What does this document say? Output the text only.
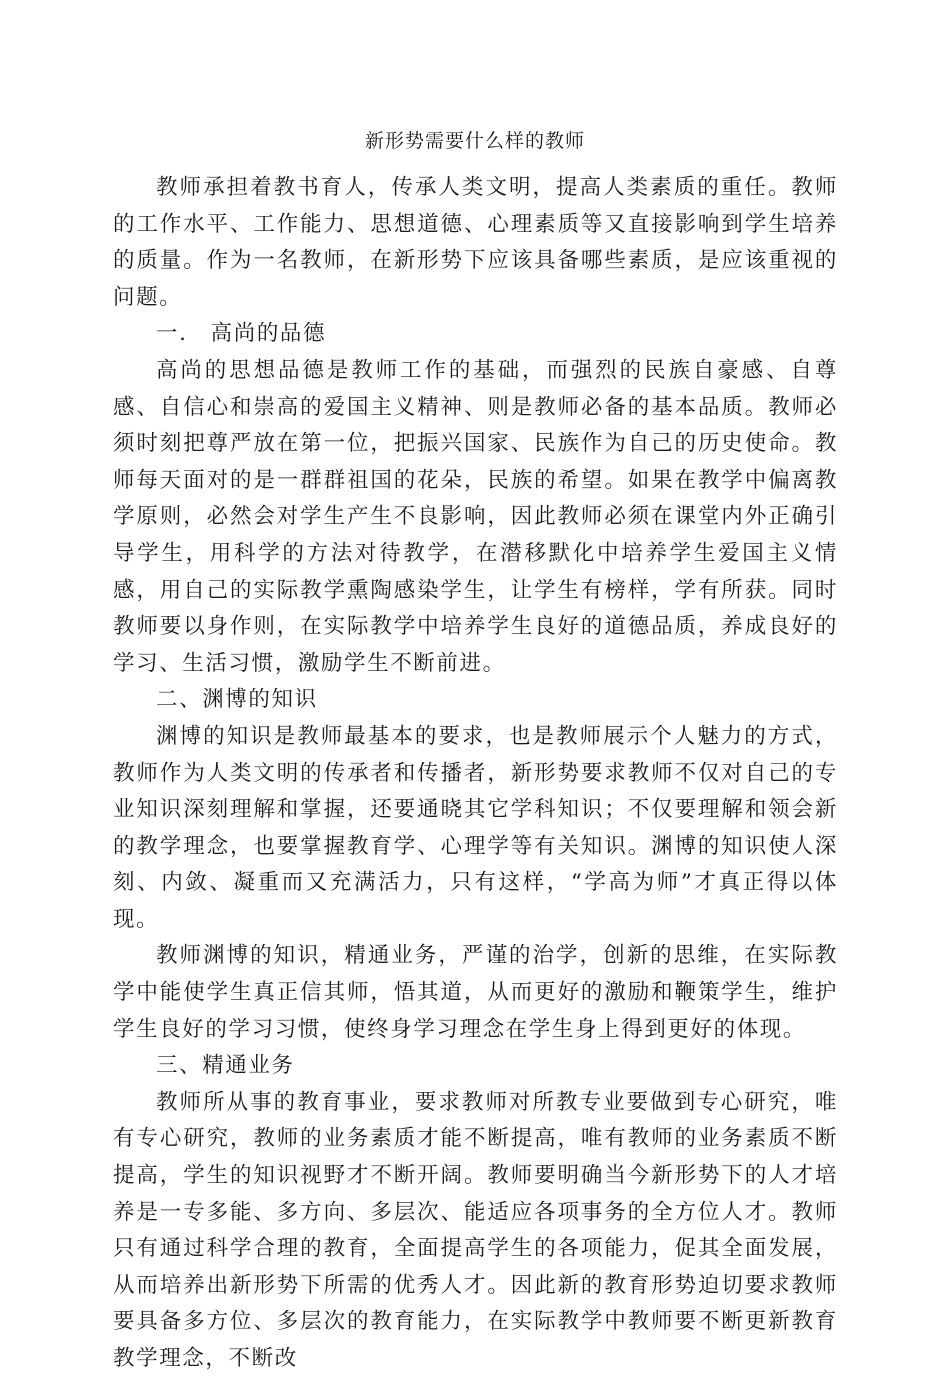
新形势需要什么样的教师

教师承担着教书育人，传承人类文明，提高人类素质的重任。教师的工作水平、工作能力、思想道德、心理素质等又直接影响到学生培养的质量。作为一名教师，在新形势下应该具备哪些素质，是应该重视的问题。

一.　高尚的品德

高尚的思想品德是教师工作的基础，而强烈的民族自豪感、自尊感、自信心和崇高的爱国主义精神、则是教师必备的基本品质。教师必须时刻把尊严放在第一位，把振兴国家、民族作为自己的历史使命。教师每天面对的是一群群祖国的花朵，民族的希望。如果在教学中偏离教学原则，必然会对学生产生不良影响，因此教师必须在课堂内外正确引导学生，用科学的方法对待教学，在潜移默化中培养学生爱国主义情感，用自己的实际教学熏陶感染学生，让学生有榜样，学有所获。同时教师要以身作则，在实际教学中培养学生良好的道德品质，养成良好的学习、生活习惯，激励学生不断前进。

二、渊博的知识

渊博的知识是教师最基本的要求，也是教师展示个人魅力的方式，教师作为人类文明的传承者和传播者，新形势要求教师不仅对自己的专业知识深刻理解和掌握，还要通晓其它学科知识；不仅要理解和领会新的教学理念，也要掌握教育学、心理学等有关知识。渊博的知识使人深刻、内敛、凝重而又充满活力，只有这样，“学高为师”才真正得以体现。

教师渊博的知识，精通业务，严谨的治学，创新的思维，在实际教学中能使学生真正信其师，悟其道，从而更好的激励和鞭策学生，维护学生良好的学习习惯，使终身学习理念在学生身上得到更好的体现。

三、精通业务

教师所从事的教育事业，要求教师对所教专业要做到专心研究，唯有专心研究，教师的业务素质才能不断提高，唯有教师的业务素质不断提高，学生的知识视野才不断开阔。教师要明确当今新形势下的人才培养是一专多能、多方向、多层次、能适应各项事务的全方位人才。教师只有通过科学合理的教育，全面提高学生的各项能力，促其全面发展，从而培养出新形势下所需的优秀人才。因此新的教育形势迫切要求教师要具备多方位、多层次的教育能力，在实际教学中教师要不断更新教育教学理念，不断改
